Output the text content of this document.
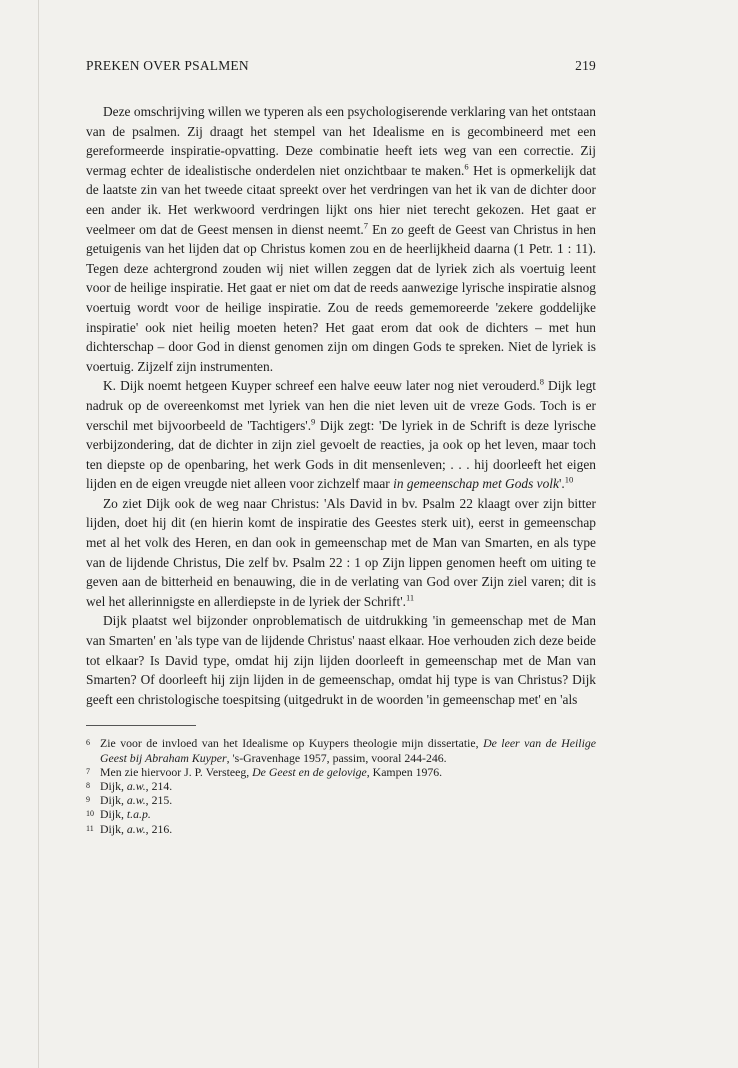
PREKEN OVER PSALMEN	219

Deze omschrijving willen we typeren als een psychologiserende verklaring van het ontstaan van de psalmen. Zij draagt het stempel van het Idealisme en is gecombineerd met een gereformeerde inspiratie-opvatting. Deze combinatie heeft iets weg van een correctie. Zij vermag echter de idealistische onderdelen niet onzichtbaar te maken.$^6$ Het is opmerkelijk dat de laatste zin van het tweede citaat spreekt over het verdringen van het ik van de dichter door een ander ik. Het werkwoord verdringen lijkt ons hier niet terecht gekozen. Het gaat er veelmeer om dat de Geest mensen in dienst neemt.$^7$ En zo geeft de Geest van Christus in hen getuigenis van het lijden dat op Christus komen zou en de heerlijkheid daarna (1 Petr. 1 : 11). Tegen deze achtergrond zouden wij niet willen zeggen dat de lyriek zich als voertuig leent voor de heilige inspiratie. Het gaat er niet om dat de reeds aanwezige lyrische inspiratie alsnog voertuig wordt voor de heilige inspiratie. Zou de reeds gememoreerde 'zekere goddelijke inspiratie' ook niet heilig moeten heten? Het gaat erom dat ook de dichters – met hun dichterschap – door God in dienst genomen zijn om dingen Gods te spreken. Niet de lyriek is voertuig. Zijzelf zijn instrumenten.

K. Dijk noemt hetgeen Kuyper schreef een halve eeuw later nog niet verouderd.$^8$ Dijk legt nadruk op de overeenkomst met lyriek van hen die niet leven uit de vreze Gods. Toch is er verschil met bijvoorbeeld de 'Tachtigers'.$^9$ Dijk zegt: 'De lyriek in de Schrift is deze lyrische verbijzondering, dat de dichter in zijn ziel gevoelt de reacties, ja ook op het leven, maar toch ten diepste op de openbaring, het werk Gods in dit mensenleven; . . . hij doorleeft het eigen lijden en de eigen vreugde niet alleen voor zichzelf maar in gemeenschap met Gods volk'.$^{10}$

Zo ziet Dijk ook de weg naar Christus: 'Als David in bv. Psalm 22 klaagt over zijn bitter lijden, doet hij dit (en hierin komt de inspiratie des Geestes sterk uit), eerst in gemeenschap met al het volk des Heren, en dan ook in gemeenschap met de Man van Smarten, en als type van de lijdende Christus, Die zelf bv. Psalm 22 : 1 op Zijn lippen genomen heeft om uiting te geven aan de bitterheid en benauwing, die in de verlating van God over Zijn ziel varen; dit is wel het allerinnigste en allerdiepste in de lyriek der Schrift'.$^{11}$

Dijk plaatst wel bijzonder onproblematisch de uitdrukking 'in gemeenschap met de Man van Smarten' en 'als type van de lijdende Christus' naast elkaar. Hoe verhouden zich deze beide tot elkaar? Is David type, omdat hij zijn lijden doorleeft in gemeenschap met de Man van Smarten? Of doorleeft hij zijn lijden in de gemeenschap, omdat hij type is van Christus? Dijk geeft een christologische toespitsing (uitgedrukt in de woorden 'in gemeenschap met' en 'als

6 Zie voor de invloed van het Idealisme op Kuypers theologie mijn dissertatie, De leer van de Heilige Geest bij Abraham Kuyper, 's-Gravenhage 1957, passim, vooral 244-246.
7 Men zie hiervoor J. P. Versteeg, De Geest en de gelovige, Kampen 1976.
8 Dijk, a.w., 214.
9 Dijk, a.w., 215.
10 Dijk, t.a.p.
11 Dijk, a.w., 216.
